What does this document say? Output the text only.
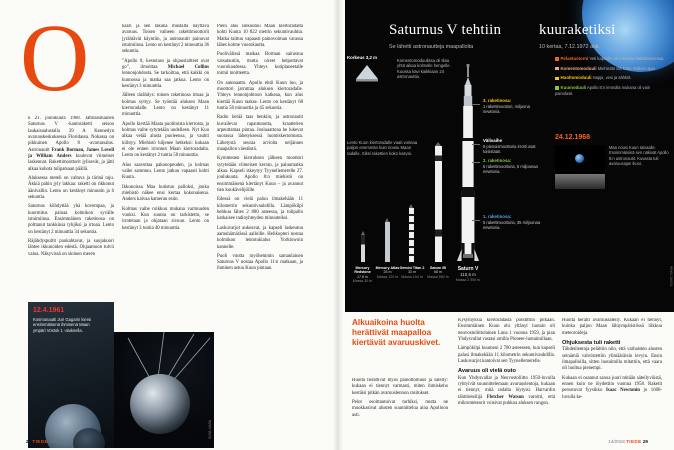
O

n 21. joulukuuta 1968. Jättiläismäinen Saturnus V -kantoraketti seisoo laukaisualustalla 39 A Kennedyn avaruuskeskuksessa Floridassa. Nokassa on pikkuinen Apollo 8 -avaruusalus. Astronautit Frank Borman, James Lovell ja William Anders kuulevat viimeiset laskennat. Rakettimoottorit jylisevät, ja jätti alkaa kohota tulipatsaan päällä.

Aluksessa meteli on valtava ja tärinä raju. Äkkiä pahin jyly lakkaa: raketti on rikkonut äänivallin. Lento on kestänyt minuutin ja 6 sekuntia.

Saturnus kiihdyttää yhä kovempaa, ja kuormitus painaa kolmikon syvälle istuimiinsa. Ensimmäinen raketinosa on polttanut tankkinsa tyhjiksi ja irtoaa. Lento on kestänyt 2 minuuttia 34 sekuntia.

Räjähdyspultit paukahtavat, ja suojakuori lähtee ikkunoiden edestä. Ohjaamoon tulvii valoa. Näkyvissä on sininen meren

kaari ja sen takana mustalta näyttävä avaruus. Toisen vaiheen rakettimoottorit jyrähtävät käyntiin, ja astronautit painuvat istuimiinsa. Lento on kestänyt 2 minuuttia 36 sekuntia.

”Apollo 8, kestotaso ja ohjauslaitteet ovat go”, ilmoittaa Michael Collins lennonjohdosta. Se tarkoittaa, että kaikki on kunnossa ja matka saa jatkua. Lento on kestänyt 3 minuuttia.

Jälleen tärähdys: toinen raketinosa irtoaa ja kolmas syttyy. Se työntää aluksen Maan kiertoradalle. Lento on kestänyt 11 minuuttia.

Apollo kiertää Maata puolitoista kierrosta, ja kolmas vaihe sytytetään uudelleen. Nyt Kuu alkaa vetää alusta puoleensa, ja vauhti kiihtyy. Miehistö hiljenee hetkeksi: kukaan ei ole ennen irronnut Maan kiertoradalta. Lento on kestänyt 2 tuntia 50 minuuttia.

Alus saavuttaa pakonopeuden, ja kolmas vaihe sammuu. Lento jatkuu vapaasti kohti Kuuta.

Ikkunoissa Maa kutistuu palloksi, jonka miehistö näkee ensi kertaa kokonaisena. Anders kaivaa kameran esiin.

Kolmas vaihe roikkuu mukana varmuuden vuoksi. Kun suunta on tarkistettu, se irrotetaan ja ohjataan sivuun. Lento on kestänyt 3 tuntia 40 minuuttia.

Pieni alus sinkoutuu Maan kiertoradalta kohti Kuuta 10 822 metrin sekuntivauhtia. Matka taittuu vapaasti painovoiman varassa lähes kolme vuorokautta.

Puolivälissä matkaa Borman sairastuu vatsatautiin, mutta oireet helpottavat vuorokaudessa. Yhteys kotiplaneetalle toimii moitteetta.

On aatonaatto. Apollo ehtii Kuun luo, ja moottori jarruttaa aluksen kiertoradalle. Yhteys lennonjohtoon katkeaa, kun alus kiertää Kuun taakse. Lento on kestänyt 68 tuntia 58 minuuttia ja 45 sekuntia.

Radio herää taas henkiin, ja astronautit kuvailevat rapautunutta, kraatterien arpeuttamaa pintaa. Jouluaattona he lukevat suorassa lähetyksessä luomiskertomusta. Lähetystä seuraa arviolta neljännes maapallon väestöstä.

Kymmenen kierroksen jälkeen moottori sytytetään viimeisen kerran, ja paluumatka alkaa. Kapseli iskeytyy Tyynellemerelle 27. joulukuuta. Apollo 8:n miehistö on ensimmäisenä kiertänyt Kuun – ja avannut tien kuukävelijöille.

Edessä on vielä paluu ilmakehään 11 kilometrin sekuntivauhdilla. Lämpökilpi hehkuu lähes 2 800 asteessa, ja tulipallo katkaisee radioyhteyden minuuteiksi.

Laskuvarjot aukeavat, ja kapseli laskeutuu aamuhämärässä aalloille. Helikopteri nostaa kolmikon lentotukialus Yorktownin kannelle.

Puoli vuotta myöhemmin samanlainen Saturnus V nostaa Apollo 11:n matkaan, ja ihminen astuu Kuun pintaan.

12.4.1961
Kosmonautti Juri Gagarin kiersi ensimmäisenä ihmisenä Maan ympäri Vostok 1 -aluksella.
KUVA: NASA
28 TIEDE 14/2018
Saturnus V tehtiin
Se lähetti astronautteja maapallolta
kuuraketiksi
10 kertaa, 7.12.1972 asti.
Korkeus 3,2 m
Komentomoduulissa oli tilaa yhtä aikaa kolmelle hengelle. Kuussa kävi kaikkiaan 24 astronauttia.
Lento Kuun kiertoradalle vaati voimaa paljon enemmän kuin nousu Maan radalle. Siksi rakettien koko kasvoi.
Mercury Redstone
17,8 m
Massa 30 tn
Mercury Atlas
25 m
Massa 120 tn
Gemini Titan 2
33 m
Massa 154 tn
Saturn IB
68 m
Massa 590 tn
Saturn V
110,6 m
Massa 2 900 tn
3. raketinosa:
1 rakettimoottori, miljoona newtonia.
Välivaihe
9 pienoismoottoria irrotti osat toisistaan.
2. raketinosa:
5 rakettimoottoria, 5 miljoonaa newtonia.
1. raketinosa:
5 rakettimoottoria, 35 miljoonaa newtonia.
Pelastustorni Veti kapselin irti raketista hätätilanteessa.
Komentomoduuli Miehistön tila koko matkan ajan.
Huoltomoduuli Happi, vesi ja sähköt.
Kuumoduuli Apollo 8:n lennolla mukana oli vain painolasti.
24.12.1968
Maa nousi Kuun taivaalle. Ensimmäisinä sen näkivät Apollo 8:n astronautit. Kuvasta tuli avaruusajan ikoni.
KUVAT: NASA
Alkuaikoina huolta herättivät maapalloa kiertävät avaruuskivet.

Huolta herättivät myös painottomuus ja säteily: kukaan ei tiennyt varmasti, miten ihmiskeho kestäisi pitkän avaruuslennon rasitukset.

Pelot osoittautuivat turhiksi, mutta ne muokkasivat alusten suunnittelua aina Apolloon asti.

Kysymyksiä kiertoradasta pohdittiin pitkään. Ensimmäinen Kuun ohi yltänyt luotain oli neuvostoliittolainen Luna 1 vuonna 1959, ja pian Yhdysvallat vastasi omilla Pioneer-luotaimillaan.

Lämpökilpi kuumeni 2 700 asteeseen, kun kapseli palasi ilmakehään 11 kilometrin sekuntivauhdilla. Laskuvarjot kantoivat sen Tyynellemerelle.

Avaruus oli vielä outo

Kun Yhdysvallat ja Neuvostoliitto 1950-luvulla ryhtyivät suunnittelemaan avaruuslentoja, kukaan ei tiennyt, mitä radalta löytyisi. Harvardin tähtitieteilijä Fletcher Watson varoitti, että mikrometeorit voisivat puhkoa aluksen rungon.

Huolta herätti avaruussäteily. Kukaan ei tiennyt, kuinka paljon Maan lähiympäristössä liikkuu meteoroideja.

Ohjuksesta tuli raketti

Tähdenlentoja pelättiin niin, että varhaisten alusten seinämiä vahvistettiin ylimääräisin levyin. Ensin ilmapalloilla, sitten luotaimilla mitattiin, että vaara oli luultua pienempi.

Kukaan ei osannut sanoa juuri mitään säteilyvöistä, ennen kuin ne löydettiin vuonna 1958. Raketit perustuvat fyysikko Isaac Newtonin jo 1600-luvulla ke-

14/2018 TIEDE 29
